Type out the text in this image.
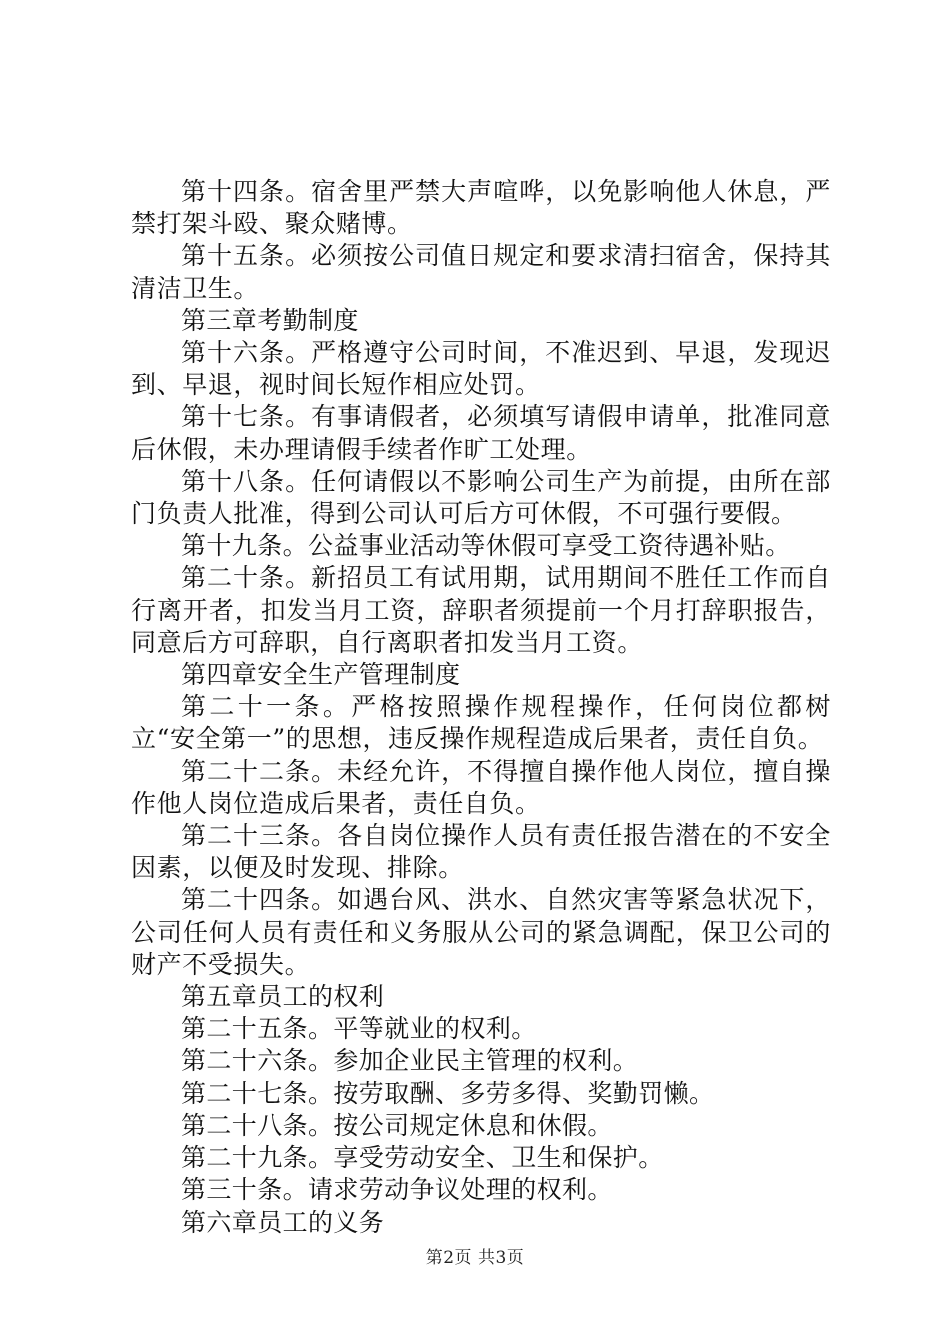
第十四条。宿舍里严禁大声喧哗，以免影响他人休息，严禁打架斗殴、聚众赌博。

第十五条。必须按公司值日规定和要求清扫宿舍，保持其清洁卫生。

第三章考勤制度

第十六条。严格遵守公司时间，不准迟到、早退，发现迟到、早退，视时间长短作相应处罚。

第十七条。有事请假者，必须填写请假申请单，批准同意后休假，未办理请假手续者作旷工处理。

第十八条。任何请假以不影响公司生产为前提，由所在部门负责人批准，得到公司认可后方可休假，不可强行要假。

第十九条。公益事业活动等休假可享受工资待遇补贴。

第二十条。新招员工有试用期，试用期间不胜任工作而自行离开者，扣发当月工资，辞职者须提前一个月打辞职报告，同意后方可辞职，自行离职者扣发当月工资。

第四章安全生产管理制度

第二十一条。严格按照操作规程操作，任何岗位都树立“安全第一”的思想，违反操作规程造成后果者，责任自负。

第二十二条。未经允许，不得擅自操作他人岗位，擅自操作他人岗位造成后果者，责任自负。

第二十三条。各自岗位操作人员有责任报告潜在的不安全因素，以便及时发现、排除。

第二十四条。如遇台风、洪水、自然灾害等紧急状况下，公司任何人员有责任和义务服从公司的紧急调配，保卫公司的财产不受损失。

第五章员工的权利

第二十五条。平等就业的权利。

第二十六条。参加企业民主管理的权利。

第二十七条。按劳取酬、多劳多得、奖勤罚懒。

第二十八条。按公司规定休息和休假。

第二十九条。享受劳动安全、卫生和保护。

第三十条。请求劳动争议处理的权利。

第六章员工的义务

第2页 共3页
